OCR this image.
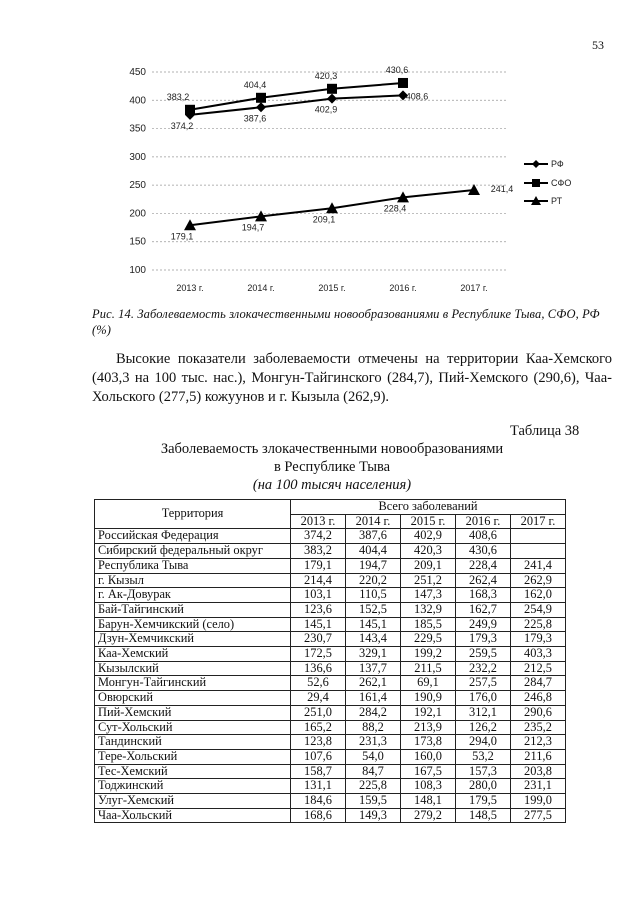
53
100
150
200
250
300
350
400
450
2013 г.	2014 г.	2015 г.	2016 г.	2017 г.
374,2
387,6
402,9
408,6
383,2
404,4
420,3
430,6
179,1
194,7
209,1
228,4
241,4
РФ
СФО
РТ
Рис. 14. Заболеваемость злокачественными новообразованиями в Республике Тыва, СФО, РФ (%)
Высокие показатели заболеваемости отмечены на территории Каа-Хемского (403,3 на 100 тыс. нас.), Монгун-Тайгинского (284,7), Пий-Хемского (290,6), Чаа-Хольского (277,5) кожуунов и г. Кызыла (262,9).
Таблица 38
Заболеваемость злокачественными новообразованиями
в Республике Тыва
(на 100 тысяч населения)
Территория	Всего заболеваний				
	2013 г.	2014 г.	2015 г.	2016 г.	2017 г.
Российская Федерация	374,2	387,6	402,9	408,6	
Сибирский федеральный округ	383,2	404,4	420,3	430,6	
Республика Тыва	179,1	194,7	209,1	228,4	241,4
г. Кызыл	214,4	220,2	251,2	262,4	262,9
г. Ак-Довурак	103,1	110,5	147,3	168,3	162,0
Бай-Тайгинский	123,6	152,5	132,9	162,7	254,9
Барун-Хемчикский (село)	145,1	145,1	185,5	249,9	225,8
Дзун-Хемчикский	230,7	143,4	229,5	179,3	179,3
Каа-Хемский	172,5	329,1	199,2	259,5	403,3
Кызылский	136,6	137,7	211,5	232,2	212,5
Монгун-Тайгинский	52,6	262,1	69,1	257,5	284,7
Овюрский	29,4	161,4	190,9	176,0	246,8
Пий-Хемский	251,0	284,2	192,1	312,1	290,6
Сут-Хольский	165,2	88,2	213,9	126,2	235,2
Тандинский	123,8	231,3	173,8	294,0	212,3
Тере-Хольский	107,6	54,0	160,0	53,2	211,6
Тес-Хемский	158,7	84,7	167,5	157,3	203,8
Тоджинский	131,1	225,8	108,3	280,0	231,1
Улуг-Хемский	184,6	159,5	148,1	179,5	199,0
Чаа-Хольский	168,6	149,3	279,2	148,5	277,5
